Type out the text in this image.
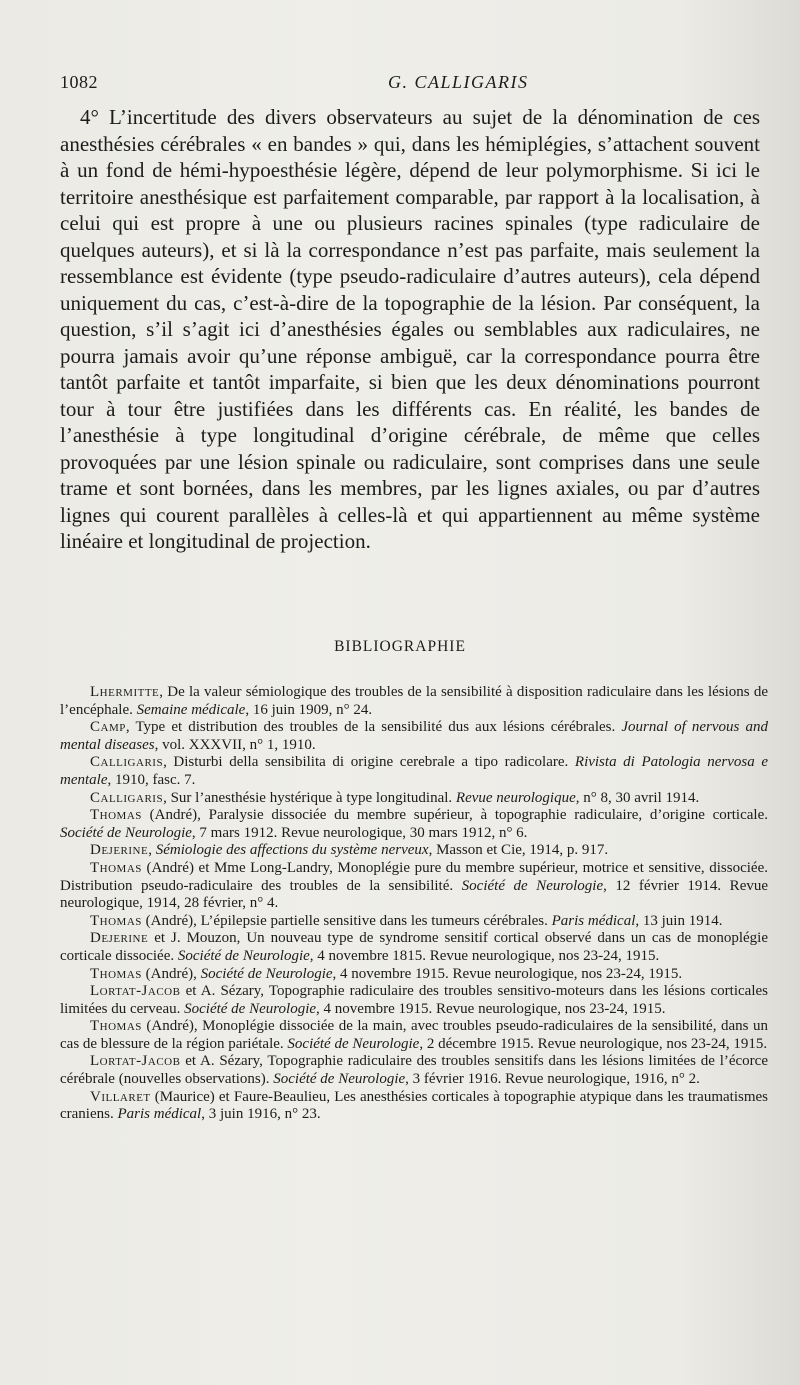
1082	G. CALLIGARIS

4° L’incertitude des divers observateurs au sujet de la dénomination de ces anesthésies cérébrales « en bandes » qui, dans les hémiplégies, s’attachent souvent à un fond de hémi-hypoesthésie légère, dépend de leur polymorphisme. Si ici le territoire anesthésique est parfaitement comparable, par rapport à la localisation, à celui qui est propre à une ou plusieurs racines spinales (type radiculaire de quelques auteurs), et si là la correspondance n’est pas parfaite, mais seulement la ressemblance est évidente (type pseudo-radiculaire d’autres auteurs), cela dépend uniquement du cas, c’est-à-dire de la topographie de la lésion. Par conséquent, la question, s’il s’agit ici d’anesthésies égales ou semblables aux radiculaires, ne pourra jamais avoir qu’une réponse ambiguë, car la correspondance pourra être tantôt parfaite et tantôt imparfaite, si bien que les deux dénominations pourront tour à tour être justifiées dans les différents cas. En réalité, les bandes de l’anesthésie à type longitudinal d’origine cérébrale, de même que celles provoquées par une lésion spinale ou radiculaire, sont comprises dans une seule trame et sont bornées, dans les membres, par les lignes axiales, ou par d’autres lignes qui courent parallèles à celles-là et qui appartiennent au même système linéaire et longitudinal de projection.

BIBLIOGRAPHIE
Lhermitte, De la valeur sémiologique des troubles de la sensibilité à disposition radiculaire dans les lésions de l’encéphale. Semaine médicale, 16 juin 1909, n° 24.
Camp, Type et distribution des troubles de la sensibilité dus aux lésions cérébrales. Journal of nervous and mental diseases, vol. XXXVII, n° 1, 1910.
Calligaris, Disturbi della sensibilita di origine cerebrale a tipo radicolare. Rivista di Patologia nervosa e mentale, 1910, fasc. 7.
Calligaris, Sur l’anesthésie hystérique à type longitudinal. Revue neurologique, n° 8, 30 avril 1914.
Thomas (André), Paralysie dissociée du membre supérieur, à topographie radiculaire, d’origine corticale. Société de Neurologie, 7 mars 1912. Revue neurologique, 30 mars 1912, n° 6.
Dejerine, Sémiologie des affections du système nerveux, Masson et Cie, 1914, p. 917.
Thomas (André) et Mme Long-Landry, Monoplégie pure du membre supérieur, motrice et sensitive, dissociée. Distribution pseudo-radiculaire des troubles de la sensibilité. Société de Neurologie, 12 février 1914. Revue neurologique, 1914, 28 février, n° 4.
Thomas (André), L’épilepsie partielle sensitive dans les tumeurs cérébrales. Paris médical, 13 juin 1914.
Dejerine et J. Mouzon, Un nouveau type de syndrome sensitif cortical observé dans un cas de monoplégie corticale dissociée. Société de Neurologie, 4 novembre 1815. Revue neurologique, nos 23-24, 1915.
Thomas (André), Société de Neurologie, 4 novembre 1915. Revue neurologique, nos 23-24, 1915.
Lortat-Jacob et A. Sézary, Topographie radiculaire des troubles sensitivo-moteurs dans les lésions corticales limitées du cerveau. Société de Neurologie, 4 novembre 1915. Revue neurologique, nos 23-24, 1915.
Thomas (André), Monoplégie dissociée de la main, avec troubles pseudo-radiculaires de la sensibilité, dans un cas de blessure de la région pariétale. Société de Neurologie, 2 décembre 1915. Revue neurologique, nos 23-24, 1915.
Lortat-Jacob et A. Sézary, Topographie radiculaire des troubles sensitifs dans les lésions limitées de l’écorce cérébrale (nouvelles observations). Société de Neurologie, 3 février 1916. Revue neurologique, 1916, n° 2.
Villaret (Maurice) et Faure-Beaulieu, Les anesthésies corticales à topographie atypique dans les traumatismes craniens. Paris médical, 3 juin 1916, n° 23.
